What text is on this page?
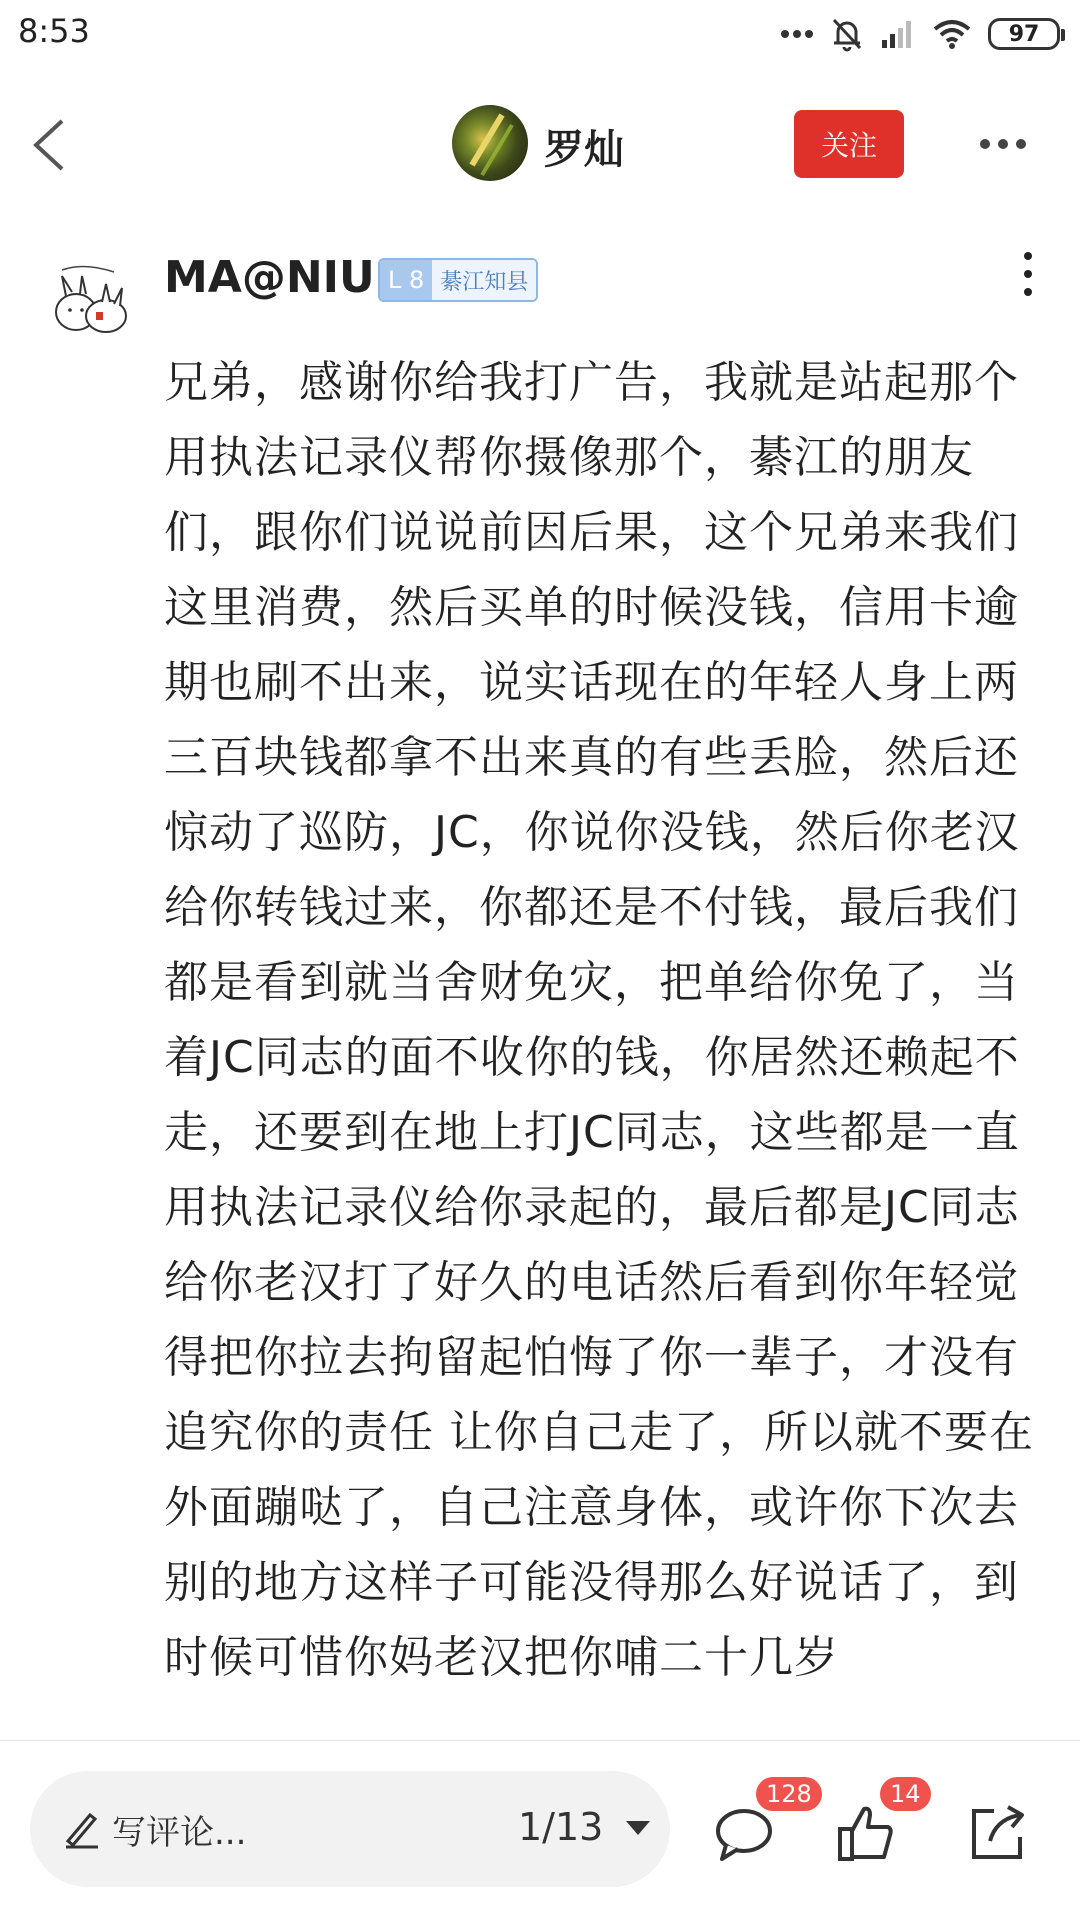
8:53	97
罗灿	关注
MA@NIU L 8 綦江知县
兄弟，感谢你给我打广告，我就是站起那个用执法记录仪帮你摄像那个，綦江的朋友们，跟你们说说前因后果，这个兄弟来我们这里消费，然后买单的时候没钱，信用卡逾期也刷不出来，说实话现在的年轻人身上两三百块钱都拿不出来真的有些丢脸，然后还惊动了巡防，JC，你说你没钱，然后你老汉给你转钱过来，你都还是不付钱，最后我们都是看到就当舍财免灾，把单给你免了，当着JC同志的面不收你的钱，你居然还赖起不走，还要到在地上打JC同志，这些都是一直用执法记录仪给你录起的，最后都是JC同志给你老汉打了好久的电话然后看到你年轻觉得把你拉去拘留起怕悔了你一辈子，才没有追究你的责任 让你自己走了，所以就不要在外面蹦哒了，自己注意身体，或许你下次去别的地方这样子可能没得那么好说话了，到时候可惜你妈老汉把你哺二十几岁
写评论...	1/13
128	14
